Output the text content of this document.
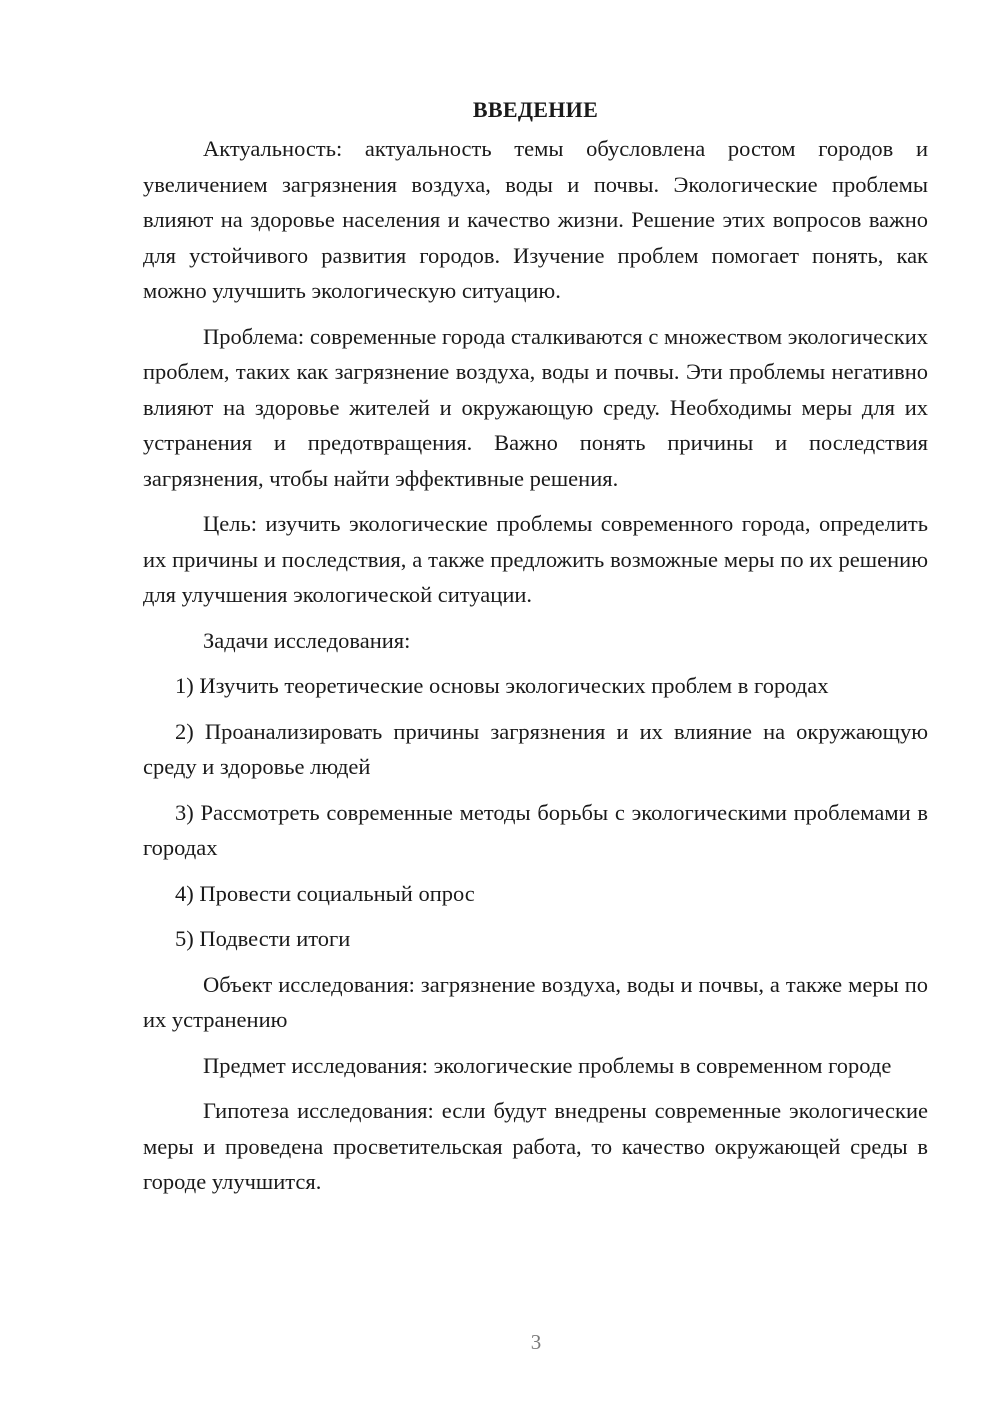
ВВЕДЕНИЕ

Актуальность: актуальность темы обусловлена ростом городов и увеличением загрязнения воздуха, воды и почвы. Экологические проблемы влияют на здоровье населения и качество жизни. Решение этих вопросов важно для устойчивого развития городов. Изучение проблем помогает понять, как можно улучшить экологическую ситуацию.

Проблема: современные города сталкиваются с множеством экологических проблем, таких как загрязнение воздуха, воды и почвы. Эти проблемы негативно влияют на здоровье жителей и окружающую среду. Необходимы меры для их устранения и предотвращения. Важно понять причины и последствия загрязнения, чтобы найти эффективные решения.

Цель: изучить экологические проблемы современного города, определить их причины и последствия, а также предложить возможные меры по их решению для улучшения экологической ситуации.

Задачи исследования:

1) Изучить теоретические основы экологических проблем в городах

2) Проанализировать причины загрязнения и их влияние на окружающую среду и здоровье людей

3) Рассмотреть современные методы борьбы с экологическими проблемами в городах

4) Провести социальный опрос

5) Подвести итоги

Объект исследования: загрязнение воздуха, воды и почвы, а также меры по их устранению

Предмет исследования: экологические проблемы в современном городе

Гипотеза исследования: если будут внедрены современные экологические меры и проведена просветительская работа, то качество окружающей среды в городе улучшится.

3
